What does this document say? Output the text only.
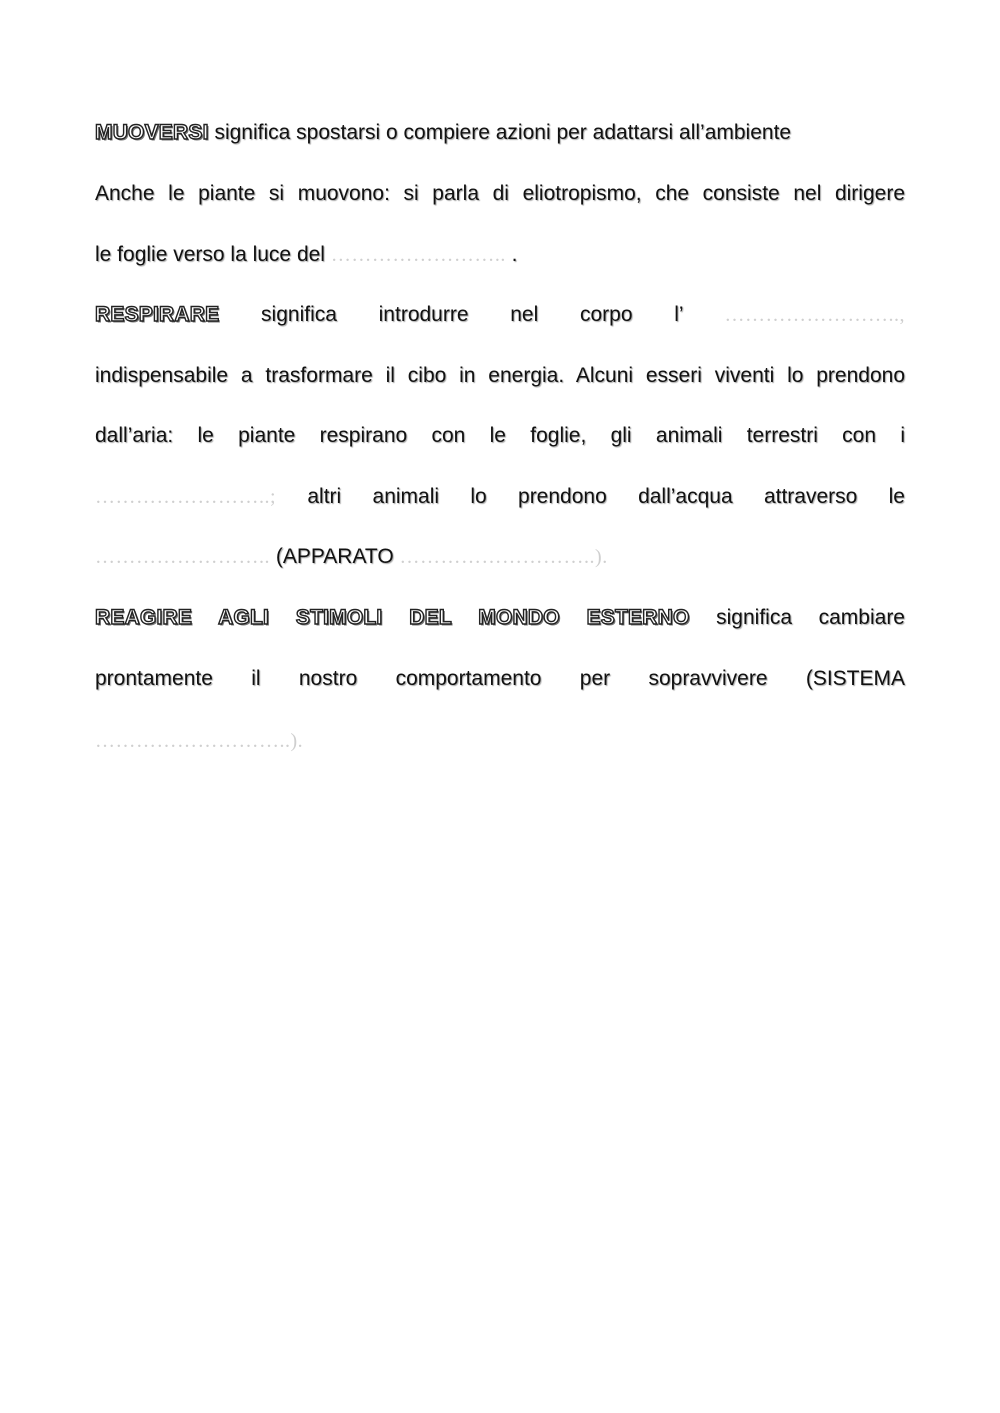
MUOVERSI significa spostarsi o compiere azioni per adattarsi all’ambiente
Anche le piante si muovono: si parla di eliotropismo, che consiste nel dirigere
le foglie verso la luce del …………………….. .
RESPIRARE significa introdurre nel corpo l’ ……………………..,
indispensabile a trasformare il cibo in energia. Alcuni esseri viventi lo prendono
dall’aria: le piante respirano con le foglie, gli animali terrestri con i
……………………..; altri animali lo prendono dall’acqua attraverso le
…………………….. (APPARATO ………………………..).
REAGIRE AGLI STIMOLI DEL MONDO ESTERNO significa cambiare
prontamente il nostro comportamento per sopravvivere (SISTEMA
………………………..).
